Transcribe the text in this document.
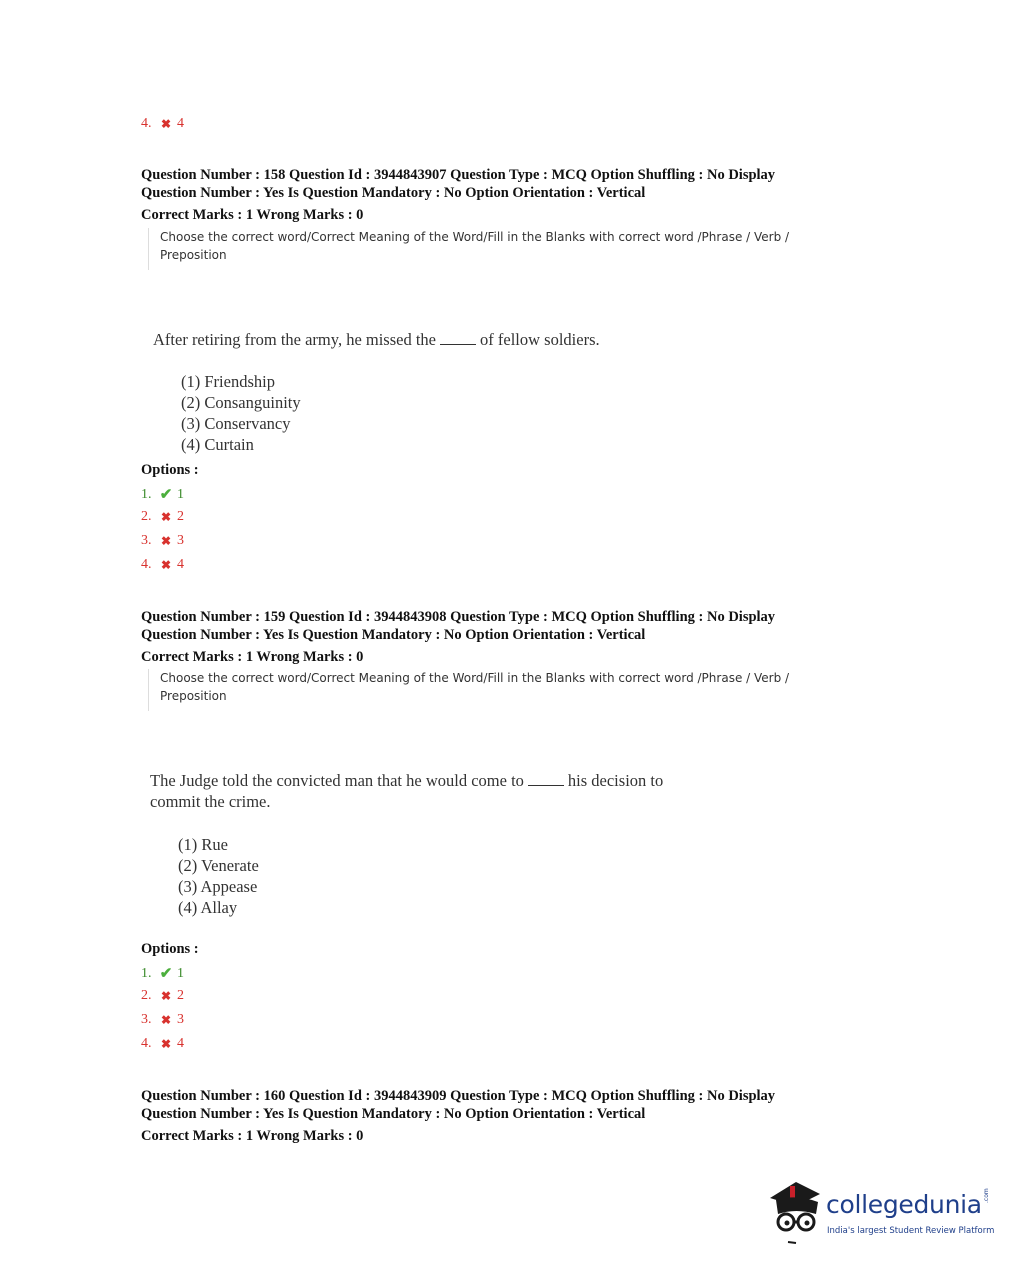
4. ✖ 4
Question Number : 158 Question Id : 3944843907 Question Type : MCQ Option Shuffling : No Display
Question Number : Yes Is Question Mandatory : No Option Orientation : Vertical
Correct Marks : 1 Wrong Marks : 0
Choose the correct word/Correct Meaning of the Word/Fill in the Blanks with correct word /Phrase / Verb /
Preposition
After retiring from the army, he missed the	of fellow soldiers.
(1) Friendship
(2) Consanguinity
(3) Conservancy
(4) Curtain
Options :
1. ✔ 1
2. ✖ 2
3. ✖ 3
4. ✖ 4
Question Number : 159 Question Id : 3944843908 Question Type : MCQ Option Shuffling : No Display
Question Number : Yes Is Question Mandatory : No Option Orientation : Vertical
Correct Marks : 1 Wrong Marks : 0
Choose the correct word/Correct Meaning of the Word/Fill in the Blanks with correct word /Phrase / Verb /
Preposition
The Judge told the convicted man that he would come to	his decision to
commit the crime.
(1) Rue
(2) Venerate
(3) Appease
(4) Allay
Options :
1. ✔ 1
2. ✖ 2
3. ✖ 3
4. ✖ 4
Question Number : 160 Question Id : 3944843909 Question Type : MCQ Option Shuffling : No Display
Question Number : Yes Is Question Mandatory : No Option Orientation : Vertical
Correct Marks : 1 Wrong Marks : 0
collegedunia
India's largest Student Review Platform
.com
